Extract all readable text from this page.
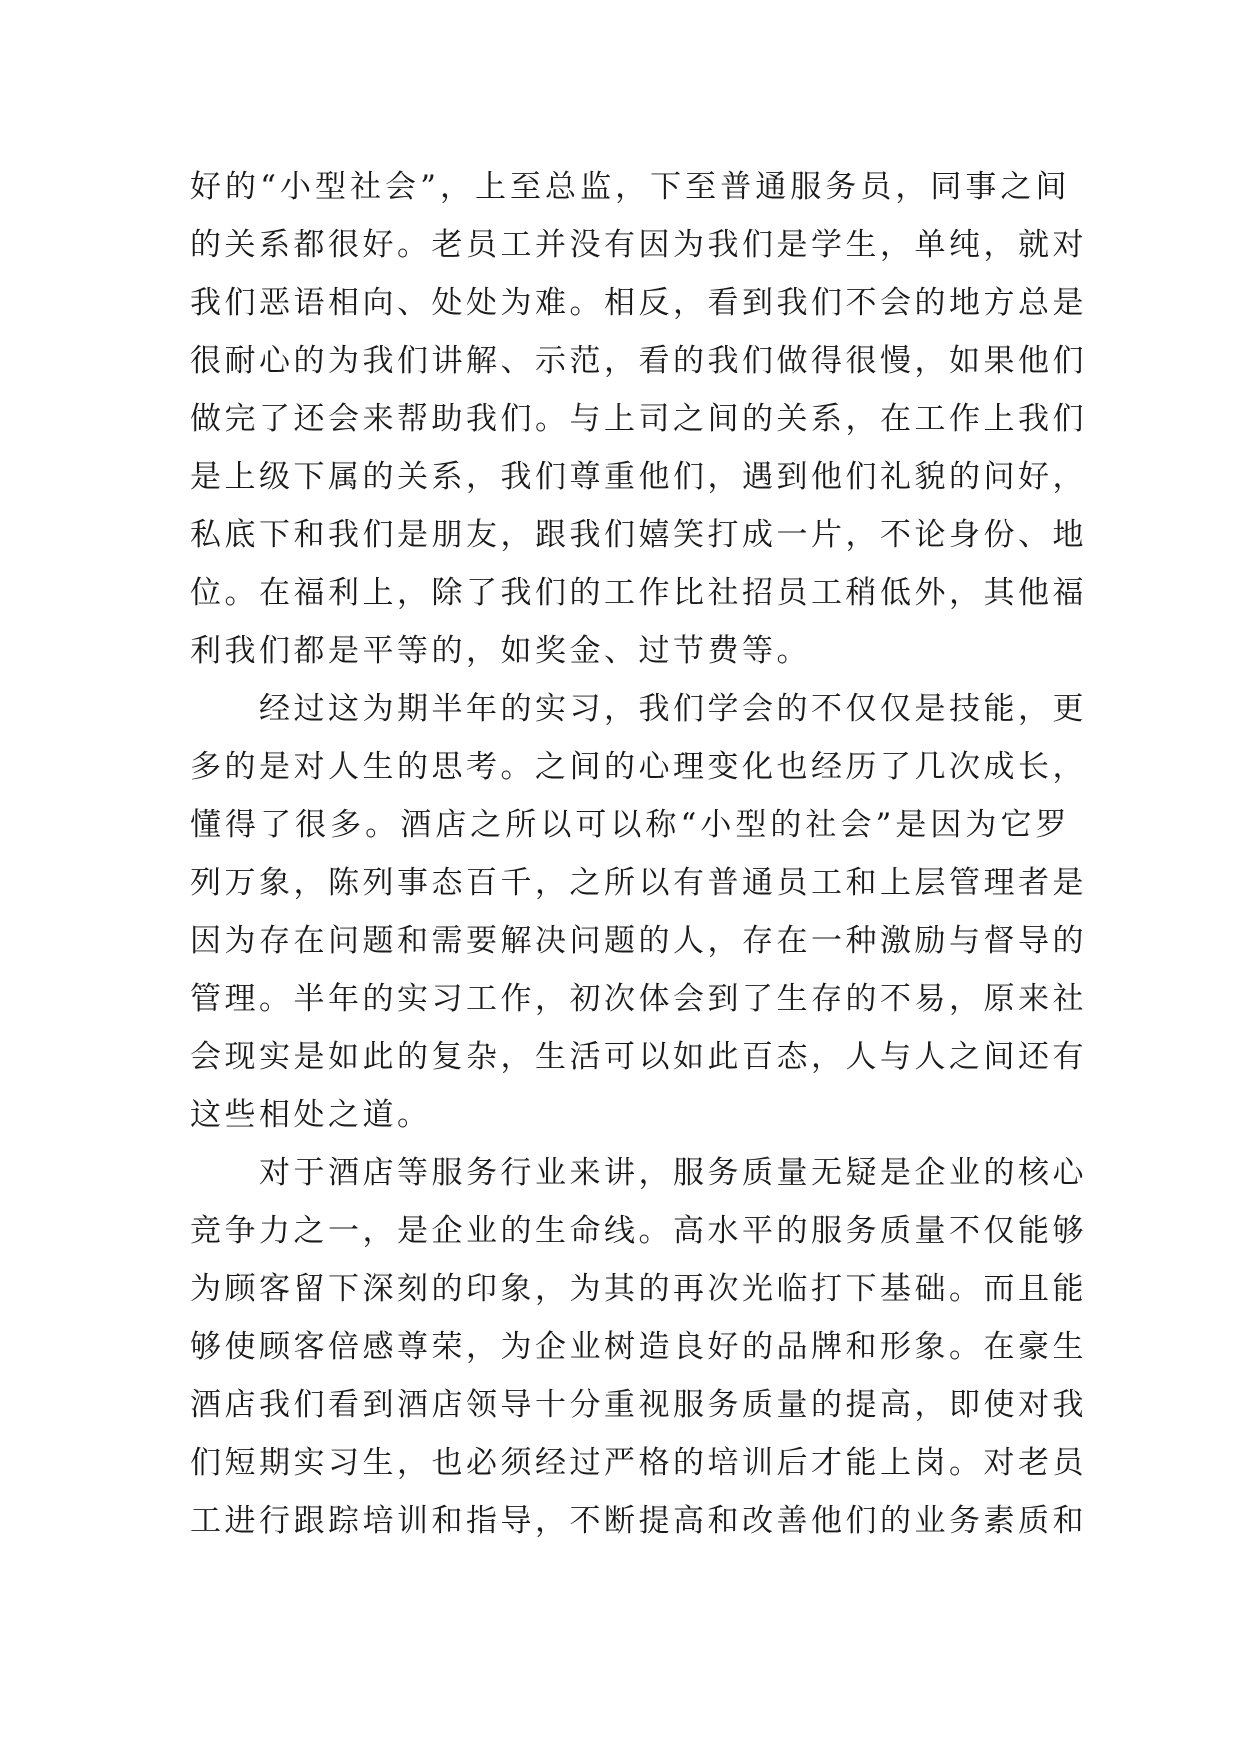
好的“小型社会”，上至总监，下至普通服务员，同事之间
的关系都很好。老员工并没有因为我们是学生，单纯，就对
我们恶语相向、处处为难。相反，看到我们不会的地方总是
很耐心的为我们讲解、示范，看的我们做得很慢，如果他们
做完了还会来帮助我们。与上司之间的关系，在工作上我们
是上级下属的关系，我们尊重他们，遇到他们礼貌的问好，
私底下和我们是朋友，跟我们嬉笑打成一片，不论身份、地
位。在福利上，除了我们的工作比社招员工稍低外，其他福
利我们都是平等的，如奖金、过节费等。
经过这为期半年的实习，我们学会的不仅仅是技能，更
多的是对人生的思考。之间的心理变化也经历了几次成长，
懂得了很多。酒店之所以可以称“小型的社会”是因为它罗
列万象，陈列事态百千，之所以有普通员工和上层管理者是
因为存在问题和需要解决问题的人，存在一种激励与督导的
管理。半年的实习工作，初次体会到了生存的不易，原来社
会现实是如此的复杂，生活可以如此百态，人与人之间还有
这些相处之道。
对于酒店等服务行业来讲，服务质量无疑是企业的核心
竞争力之一，是企业的生命线。高水平的服务质量不仅能够
为顾客留下深刻的印象，为其的再次光临打下基础。而且能
够使顾客倍感尊荣，为企业树造良好的品牌和形象。在豪生
酒店我们看到酒店领导十分重视服务质量的提高，即使对我
们短期实习生，也必须经过严格的培训后才能上岗。对老员
工进行跟踪培训和指导，不断提高和改善他们的业务素质和
